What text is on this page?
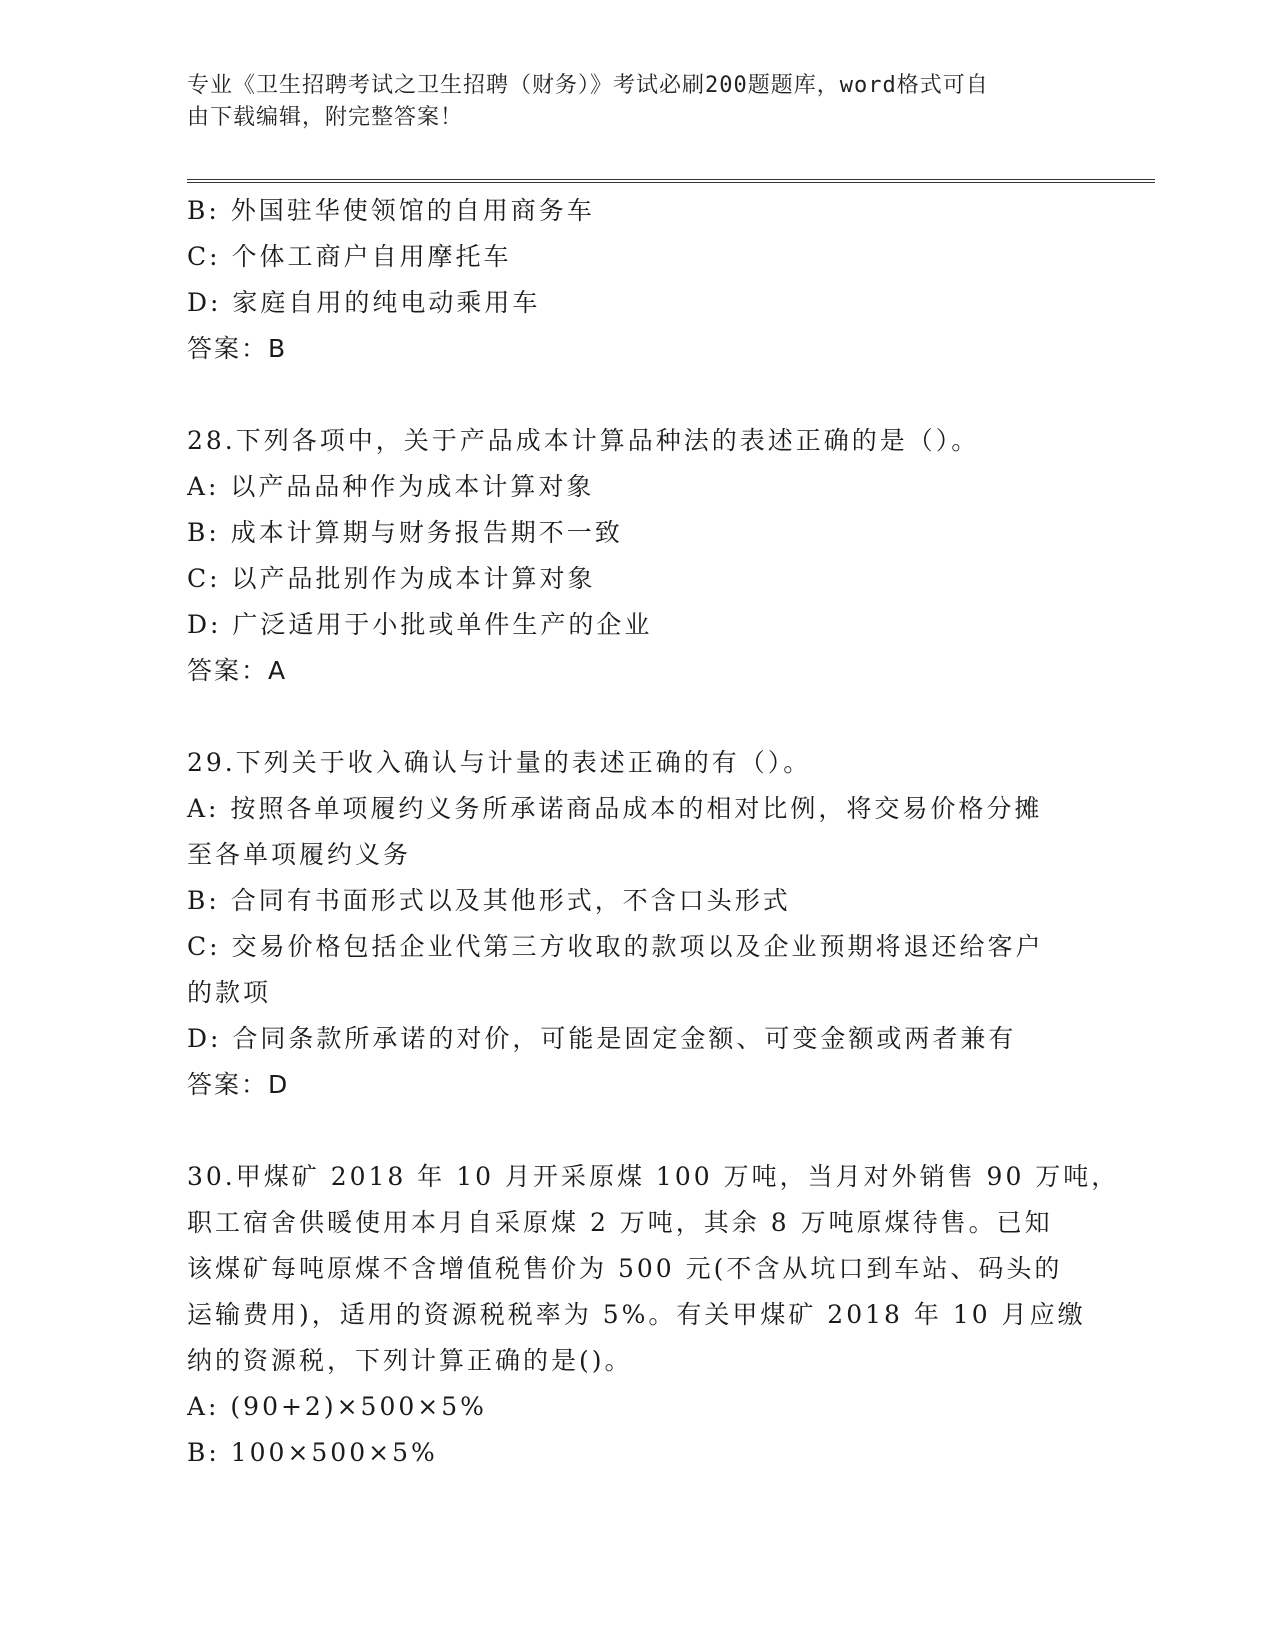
专业《卫生招聘考试之卫生招聘（财务）》考试必刷200题题库，word格式可自
由下载编辑，附完整答案！
B: 外国驻华使领馆的自用商务车
C: 个体工商户自用摩托车
D: 家庭自用的纯电动乘用车
答案：B
28.下列各项中，关于产品成本计算品种法的表述正确的是（）。
A: 以产品品种作为成本计算对象
B: 成本计算期与财务报告期不一致
C: 以产品批别作为成本计算对象
D: 广泛适用于小批或单件生产的企业
答案：A
29.下列关于收入确认与计量的表述正确的有（）。
A: 按照各单项履约义务所承诺商品成本的相对比例，将交易价格分摊
至各单项履约义务
B: 合同有书面形式以及其他形式，不含口头形式
C: 交易价格包括企业代第三方收取的款项以及企业预期将退还给客户
的款项
D: 合同条款所承诺的对价，可能是固定金额、可变金额或两者兼有
答案：D
30.甲煤矿 2018 年 10 月开采原煤 100 万吨，当月对外销售 90 万吨，
职工宿舍供暖使用本月自采原煤 2 万吨，其余 8 万吨原煤待售。已知
该煤矿每吨原煤不含增值税售价为 500 元(不含从坑口到车站、码头的
运输费用)，适用的资源税税率为 5%。有关甲煤矿 2018 年 10 月应缴
纳的资源税，下列计算正确的是()。
A: (90+2)×500×5%
B: 100×500×5%
